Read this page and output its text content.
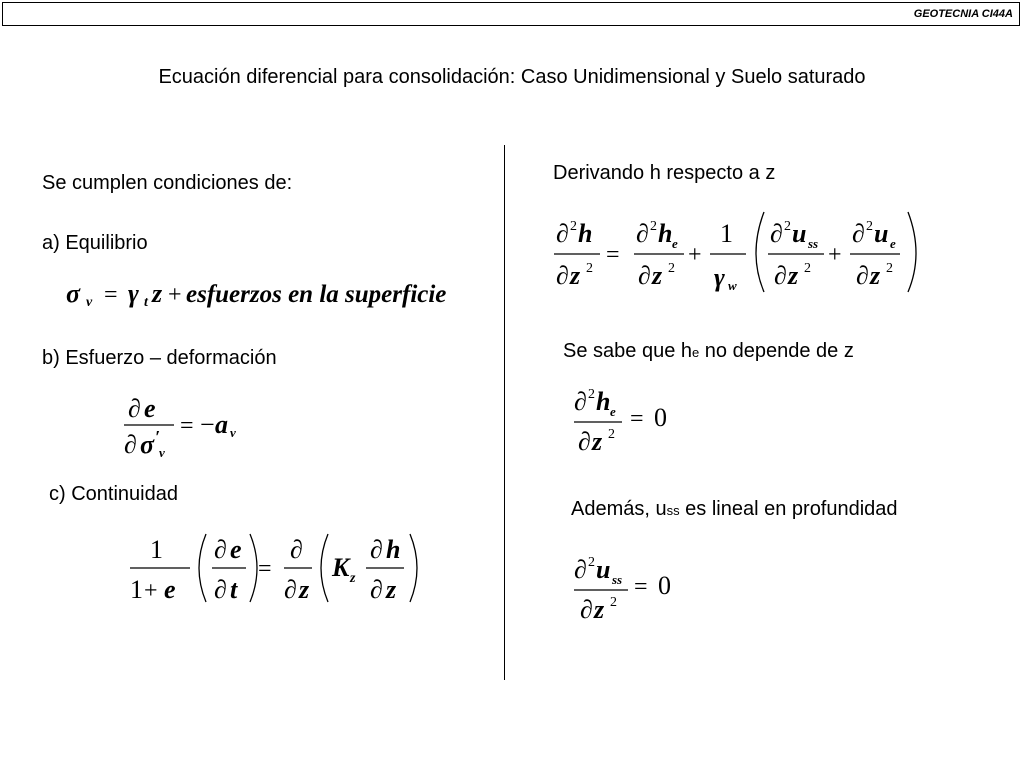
GEOTECNIA CI44A
Ecuación diferencial para consolidación: Caso Unidimensional y Suelo saturado
Se cumplen condiciones de:
a) Equilibrio
b) Esfuerzo – deformación
c) Continuidad
Derivando h respecto a z
Se sabe que he no depende de z
Además, uss es lineal en profundidad
σ v = γ t z + esfuerzos en la superficie
∂ e
∂ σ ′
v
= − a v
1
1 + e
∂ e
∂ t
=
∂
∂ z
K z
∂ h
∂ z
∂ 2 h
∂ z 2
=
∂ 2 h e
∂ z 2
+
1
γ w
∂ 2 u ss
∂ z 2
+
∂ 2 u e
∂ z 2
∂ 2 h e
∂ z 2
= 0
∂ 2 u ss
∂ z 2
= 0
